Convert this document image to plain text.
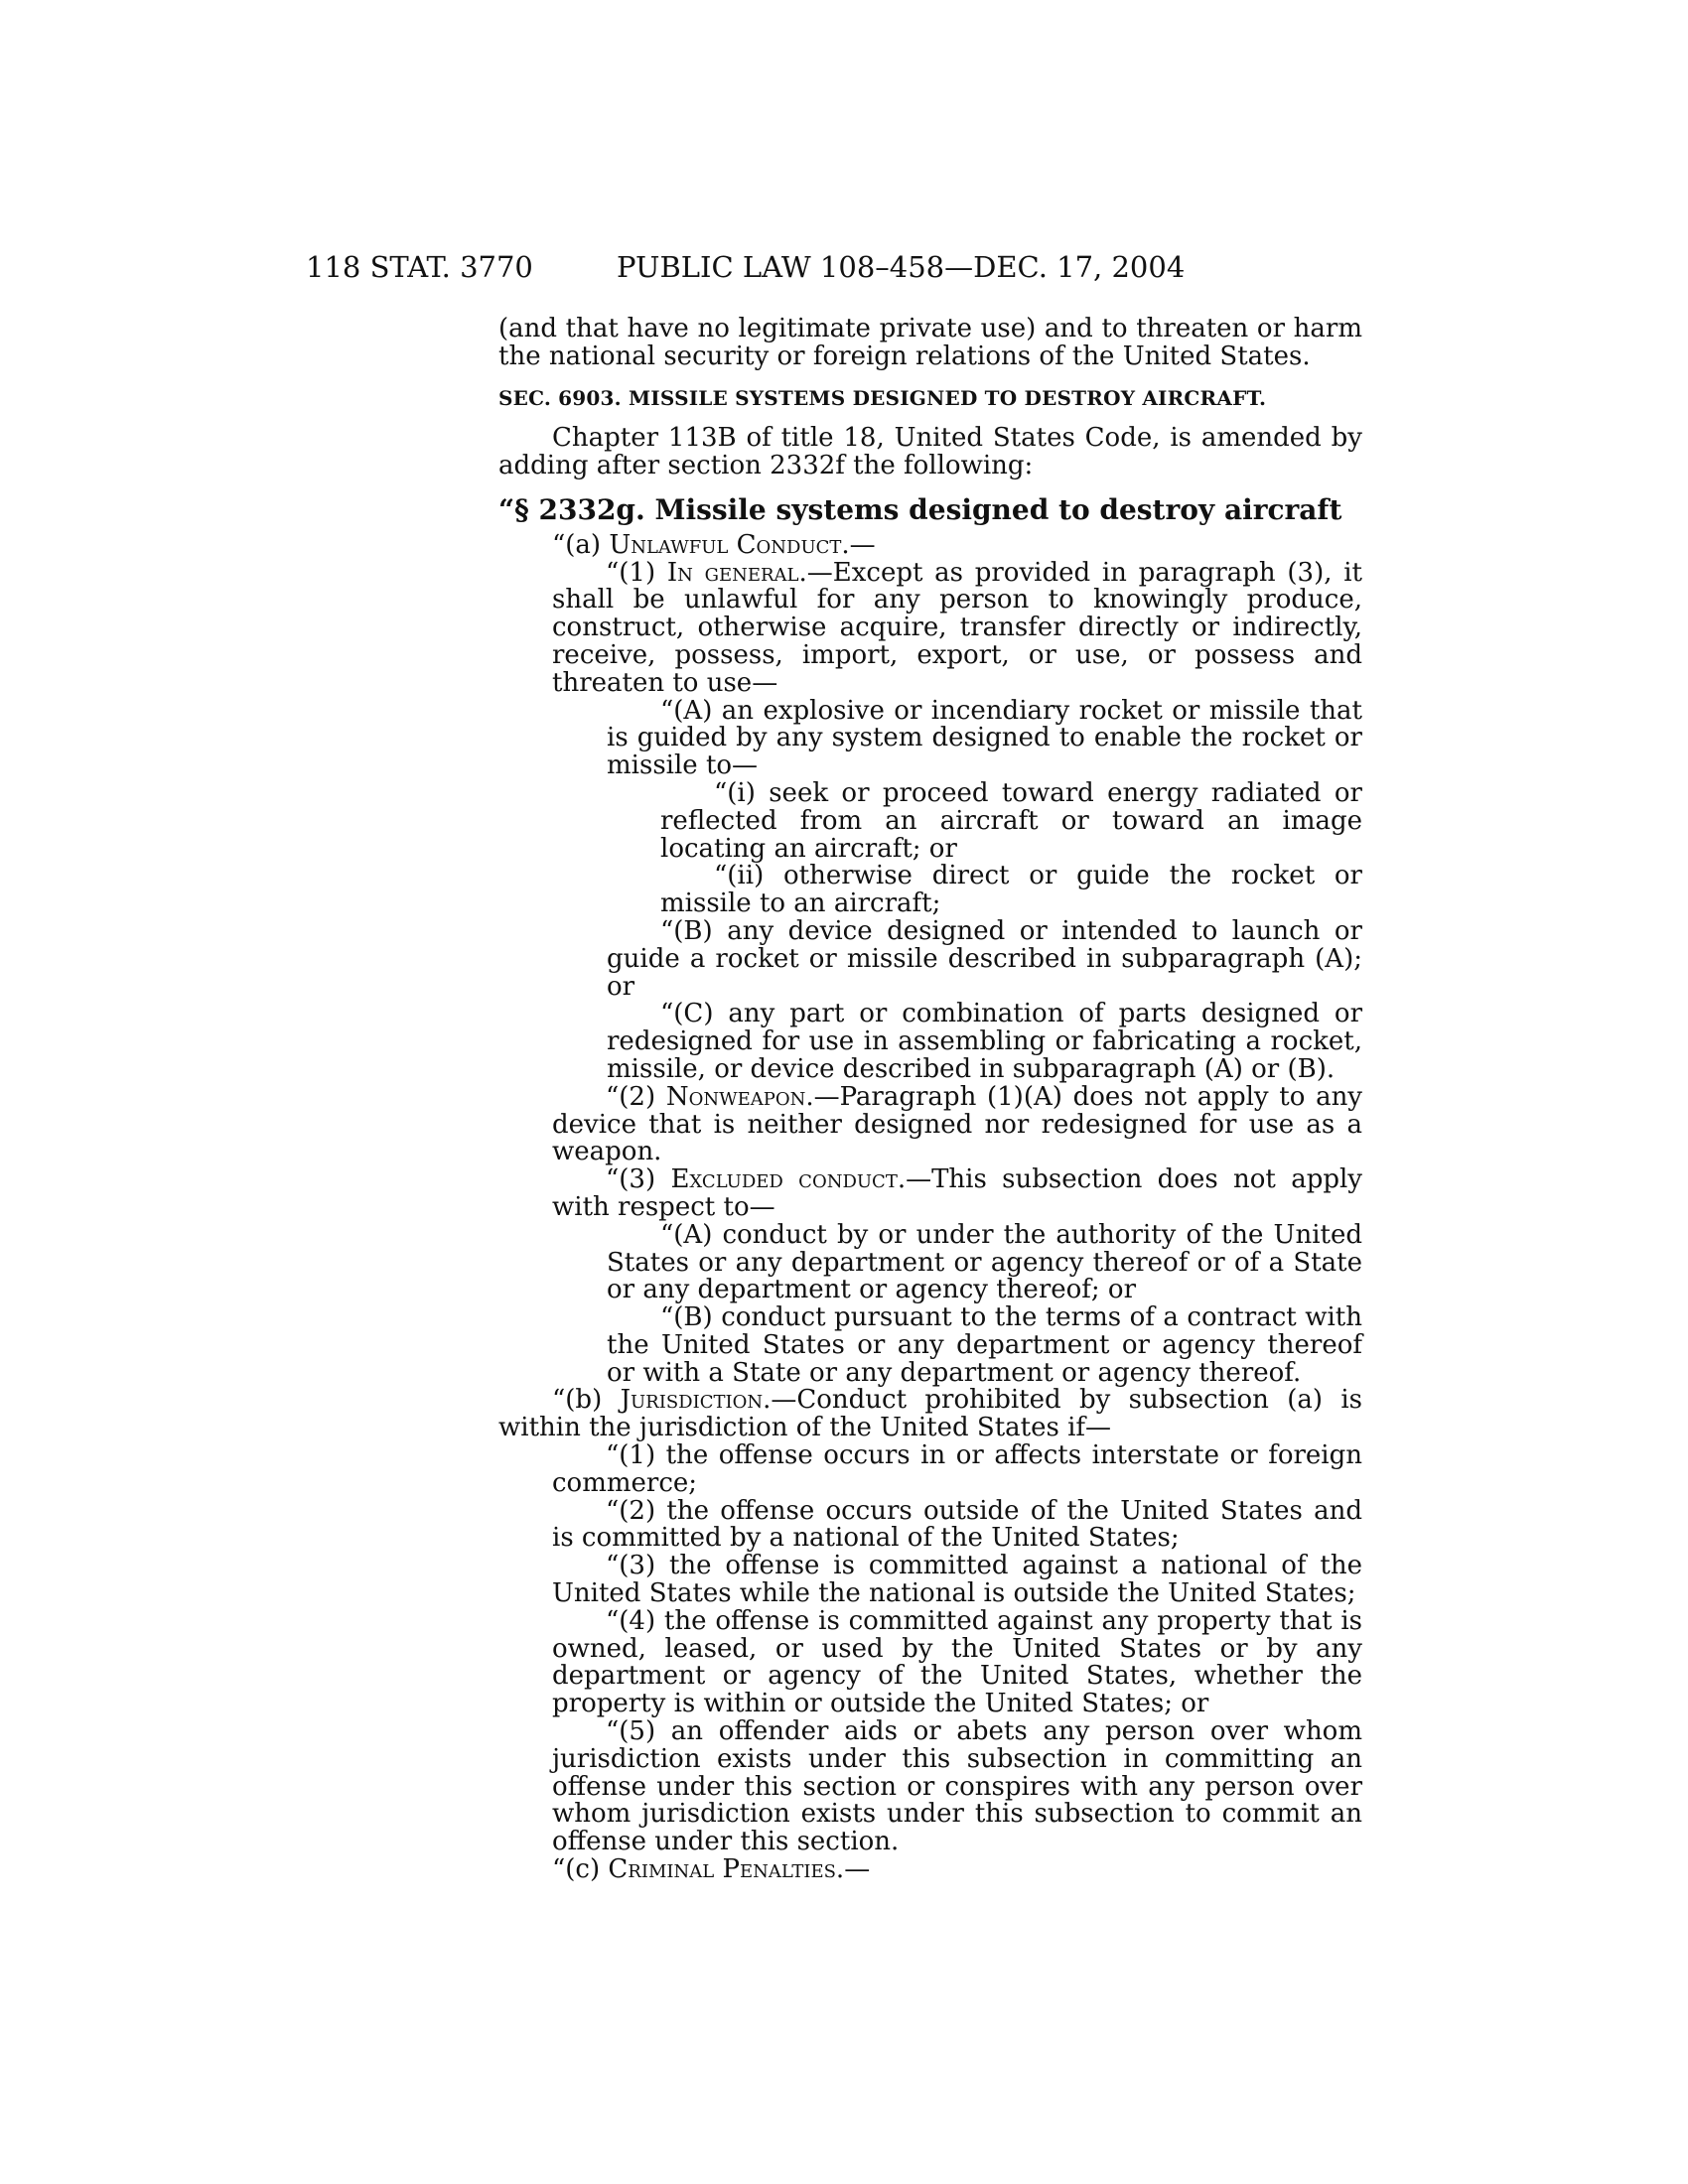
118 STAT. 3770	PUBLIC LAW 108–458—DEC. 17, 2004

(and that have no legitimate private use) and to threaten or harm the national security or foreign relations of the United States.

SEC. 6903. MISSILE SYSTEMS DESIGNED TO DESTROY AIRCRAFT.

Chapter 113B of title 18, United States Code, is amended by adding after section 2332f the following:

“§ 2332g. Missile systems designed to destroy aircraft

“(a) Unlawful Conduct.—

“(1) In general.—Except as provided in paragraph (3), it shall be unlawful for any person to knowingly produce, construct, otherwise acquire, transfer directly or indirectly, receive, possess, import, export, or use, or possess and threaten to use—

“(A) an explosive or incendiary rocket or missile that is guided by any system designed to enable the rocket or missile to—

“(i) seek or proceed toward energy radiated or reflected from an aircraft or toward an image locating an aircraft; or

“(ii) otherwise direct or guide the rocket or missile to an aircraft;

“(B) any device designed or intended to launch or guide a rocket or missile described in subparagraph (A); or

“(C) any part or combination of parts designed or redesigned for use in assembling or fabricating a rocket, missile, or device described in subparagraph (A) or (B).

“(2) Nonweapon.—Paragraph (1)(A) does not apply to any device that is neither designed nor redesigned for use as a weapon.

“(3) Excluded conduct.—This subsection does not apply with respect to—

“(A) conduct by or under the authority of the United States or any department or agency thereof or of a State or any department or agency thereof; or

“(B) conduct pursuant to the terms of a contract with the United States or any department or agency thereof or with a State or any department or agency thereof.

“(b) Jurisdiction.—Conduct prohibited by subsection (a) is within the jurisdiction of the United States if—

“(1) the offense occurs in or affects interstate or foreign commerce;

“(2) the offense occurs outside of the United States and is committed by a national of the United States;

“(3) the offense is committed against a national of the United States while the national is outside the United States;

“(4) the offense is committed against any property that is owned, leased, or used by the United States or by any department or agency of the United States, whether the property is within or outside the United States; or

“(5) an offender aids or abets any person over whom jurisdiction exists under this subsection in committing an offense under this section or conspires with any person over whom jurisdiction exists under this subsection to commit an offense under this section.

“(c) Criminal Penalties.—
